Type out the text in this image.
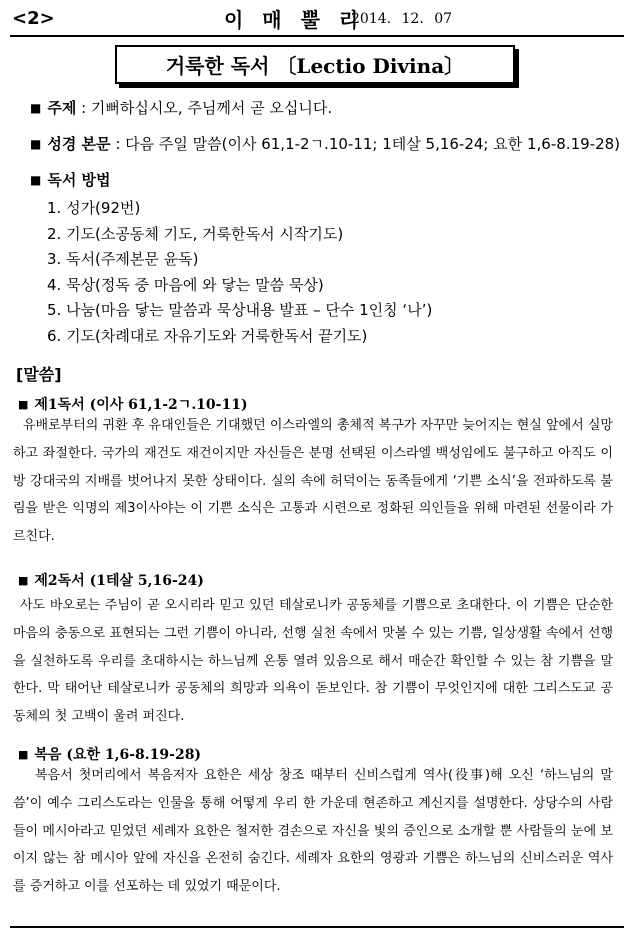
<2>	이 매 뿔 리
2014. 12. 07
거룩한 독서
〔Lectio Divina〕
■ 주제 : 기뻐하십시오, 주님께서 곧 오십니다.
■ 성경 본문 : 다음 주일 말씀(이사 61,1-2ㄱ.10-11; 1테살 5,16-24; 요한 1,6-8.19-28)
■ 독서 방법
1. 성가(92번)
2. 기도(소공동체 기도, 거룩한독서 시작기도)
3. 독서(주제본문 윤독)
4. 묵상(정독 중 마음에 와 닿는 말씀 묵상)
5. 나눔(마음 닿는 말씀과 묵상내용 발표 – 단수 1인칭 ‘나’)
6. 기도(차례대로 자유기도와 거룩한독서 끝기도)
[말씀]
■ 제1독서 (이사 61,1-2ㄱ.10-11)
유배로부터의 귀환 후 유대인들은 기대했던 이스라엘의 총체적 복구가 자꾸만 늦어지는 현실 앞에서 실망하고 좌절한다. 국가의 재건도 재건이지만 자신들은 분명 선택된 이스라엘 백성임에도 불구하고 아직도 이방 강대국의 지배를 벗어나지 못한 상태이다. 실의 속에 허덕이는 동족들에게 ‘기쁜 소식’을 전파하도록 불림을 받은 익명의 제3이사야는 이 기쁜 소식은 고통과 시련으로 정화된 의인들을 위해 마련된 선물이라 가르친다.
■ 제2독서 (1테살 5,16-24)
사도 바오로는 주님이 곧 오시리라 믿고 있던 테살로니카 공동체를 기쁨으로 초대한다. 이 기쁨은 단순한 마음의 충동으로 표현되는 그런 기쁨이 아니라, 선행 실천 속에서 맛볼 수 있는 기쁨, 일상생활 속에서 선행을 실천하도록 우리를 초대하시는 하느님께 온통 열려 있음으로 해서 매순간 확인할 수 있는 참 기쁨을 말한다. 막 태어난 테살로니카 공동체의 희망과 의욕이 돋보인다. 참 기쁨이 무엇인지에 대한 그리스도교 공동체의 첫 고백이 울려 퍼진다.
■ 복음 (요한 1,6-8.19-28)
복음서 첫머리에서 복음저자 요한은 세상 창조 때부터 신비스럽게 역사(役事)해 오신 ‘하느님의 말씀’이 예수 그리스도라는 인물을 통해 어떻게 우리 한 가운데 현존하고 계신지를 설명한다. 상당수의 사람들이 메시아라고 믿었던 세례자 요한은 철저한 겸손으로 자신을 빛의 증인으로 소개할 뿐 사람들의 눈에 보이지 않는 참 메시아 앞에 자신을 온전히 숨긴다. 세례자 요한의 영광과 기쁨은 하느님의 신비스러운 역사를 증거하고 이를 선포하는 데 있었기 때문이다.
